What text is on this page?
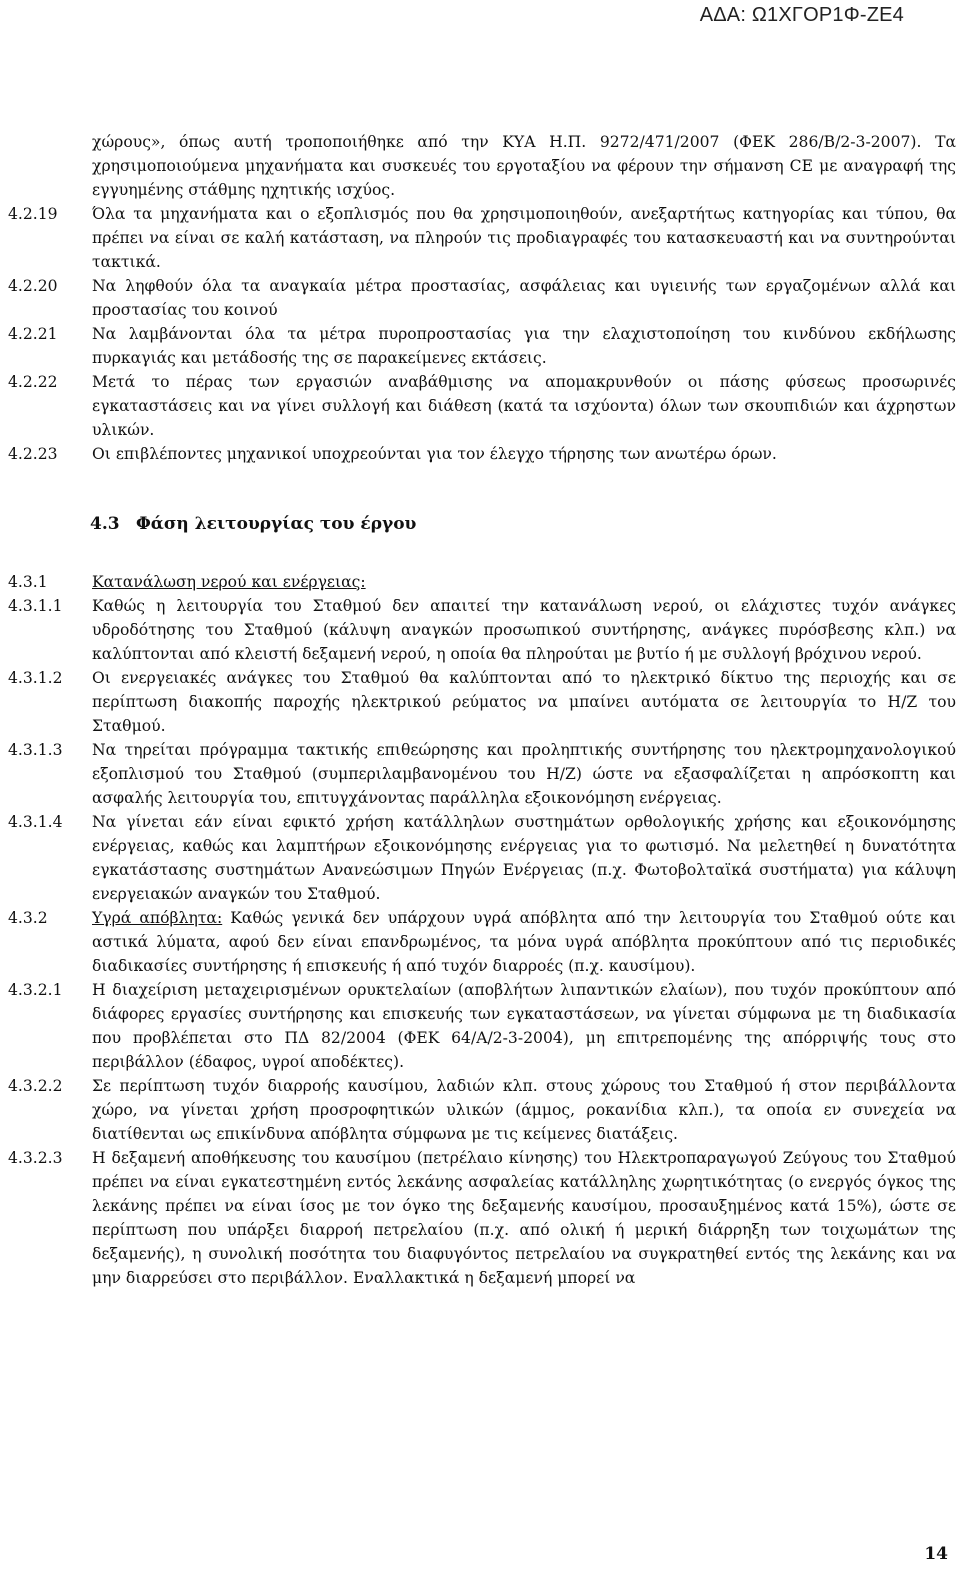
ΑΔΑ: Ω1ΧΓΟΡ1Φ-ΖΕ4
χώρους», όπως αυτή τροποποιήθηκε από την ΚΥΑ Η.Π. 9272/471/2007 (ΦΕΚ 286/Β/2-3-2007). Τα χρησιμοποιούμενα μηχανήματα και συσκευές του εργοταξίου να φέρουν την σήμανση CE με αναγραφή της εγγυημένης στάθμης ηχητικής ισχύος.
4.2.19	Όλα τα μηχανήματα και ο εξοπλισμός που θα χρησιμοποιηθούν, ανεξαρτήτως κατηγορίας και τύπου, θα πρέπει να είναι σε καλή κατάσταση, να πληρούν τις προδιαγραφές του κατασκευαστή και να συντηρούνται τακτικά.
4.2.20	Να ληφθούν όλα τα αναγκαία μέτρα προστασίας, ασφάλειας και υγιεινής των εργαζομένων αλλά και προστασίας του κοινού
4.2.21	Να λαμβάνονται όλα τα μέτρα πυροπροστασίας για την ελαχιστοποίηση του κινδύνου εκδήλωσης πυρκαγιάς και μετάδοσής της σε παρακείμενες εκτάσεις.
4.2.22	Μετά το πέρας των εργασιών αναβάθμισης να απομακρυνθούν οι πάσης φύσεως προσωρινές εγκαταστάσεις και να γίνει συλλογή και διάθεση (κατά τα ισχύοντα) όλων των σκουπιδιών και άχρηστων υλικών.
4.2.23	Οι επιβλέποντες μηχανικοί υποχρεούνται για τον έλεγχο τήρησης των ανωτέρω όρων.
4.3 Φάση λειτουργίας του έργου
4.3.1	Κατανάλωση νερού και ενέργειας:
4.3.1.1	Καθώς η λειτουργία του Σταθμού δεν απαιτεί την κατανάλωση νερού, οι ελάχιστες τυχόν ανάγκες υδροδότησης του Σταθμού (κάλυψη αναγκών προσωπικού συντήρησης, ανάγκες πυρόσβεσης κλπ.) να καλύπτονται από κλειστή δεξαμενή νερού, η οποία θα πληρούται με βυτίο ή με συλλογή βρόχινου νερού.
4.3.1.2	Οι ενεργειακές ανάγκες του Σταθμού θα καλύπτονται από το ηλεκτρικό δίκτυο της περιοχής και σε περίπτωση διακοπής παροχής ηλεκτρικού ρεύματος να μπαίνει αυτόματα σε λειτουργία το Η/Ζ του Σταθμού.
4.3.1.3	Να τηρείται πρόγραμμα τακτικής επιθεώρησης και προληπτικής συντήρησης του ηλεκτρομηχανολογικού εξοπλισμού του Σταθμού (συμπεριλαμβανομένου του Η/Ζ) ώστε να εξασφαλίζεται η απρόσκοπτη και ασφαλής λειτουργία του, επιτυγχάνοντας παράλληλα εξοικονόμηση ενέργειας.
4.3.1.4	Να γίνεται εάν είναι εφικτό χρήση κατάλληλων συστημάτων ορθολογικής χρήσης και εξοικονόμησης ενέργειας, καθώς και λαμπτήρων εξοικονόμησης ενέργειας για το φωτισμό. Να μελετηθεί η δυνατότητα εγκατάστασης συστημάτων Ανανεώσιμων Πηγών Ενέργειας (π.χ. Φωτοβολταϊκά συστήματα) για κάλυψη ενεργειακών αναγκών του Σταθμού.
4.3.2	Υγρά απόβλητα: Καθώς γενικά δεν υπάρχουν υγρά απόβλητα από την λειτουργία του Σταθμού ούτε και αστικά λύματα, αφού δεν είναι επανδρωμένος, τα μόνα υγρά απόβλητα προκύπτουν από τις περιοδικές διαδικασίες συντήρησης ή επισκευής ή από τυχόν διαρροές (π.χ. καυσίμου).
4.3.2.1	Η διαχείριση μεταχειρισμένων ορυκτελαίων (αποβλήτων λιπαντικών ελαίων), που τυχόν προκύπτουν από διάφορες εργασίες συντήρησης και επισκευής των εγκαταστάσεων, να γίνεται σύμφωνα με τη διαδικασία που προβλέπεται στο ΠΔ 82/2004 (ΦΕΚ 64/Α/2-3-2004), μη επιτρεπομένης της απόρριψής τους στο περιβάλλον (έδαφος, υγροί αποδέκτες).
4.3.2.2	Σε περίπτωση τυχόν διαρροής καυσίμου, λαδιών κλπ. στους χώρους του Σταθμού ή στον περιβάλλοντα χώρο, να γίνεται χρήση προσροφητικών υλικών (άμμος, ροκανίδια κλπ.), τα οποία εν συνεχεία να διατίθενται ως επικίνδυνα απόβλητα σύμφωνα με τις κείμενες διατάξεις.
4.3.2.3	Η δεξαμενή αποθήκευσης του καυσίμου (πετρέλαιο κίνησης) του Ηλεκτροπαραγωγού Ζεύγους του Σταθμού πρέπει να είναι εγκατεστημένη εντός λεκάνης ασφαλείας κατάλληλης χωρητικότητας (ο ενεργός όγκος της λεκάνης πρέπει να είναι ίσος με τον όγκο της δεξαμενής καυσίμου, προσαυξημένος κατά 15%), ώστε σε περίπτωση που υπάρξει διαρροή πετρελαίου (π.χ. από ολική ή μερική διάρρηξη των τοιχωμάτων της δεξαμενής), η συνολική ποσότητα του διαφυγόντος πετρελαίου να συγκρατηθεί εντός της λεκάνης και να μην διαρρεύσει στο περιβάλλον. Εναλλακτικά η δεξαμενή μπορεί να
14
